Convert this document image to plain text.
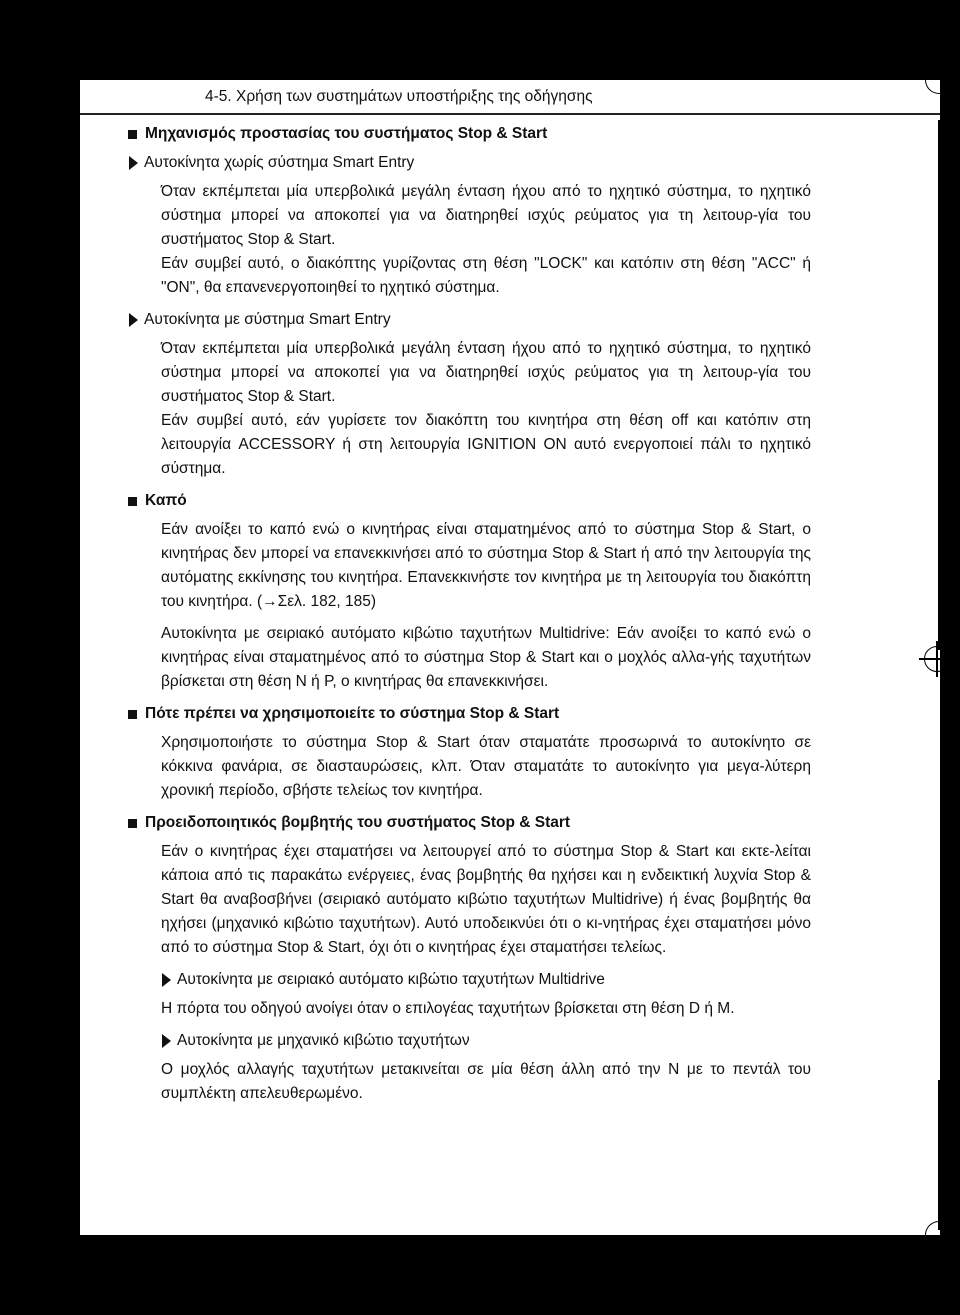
4-5. Χρήση των συστημάτων υποστήριξης της οδήγησης
Μηχανισμός προστασίας του συστήματος Stop & Start
Αυτοκίνητα χωρίς σύστημα Smart Entry

Όταν εκπέμπεται μία υπερβολικά μεγάλη ένταση ήχου από το ηχητικό σύστημα, το ηχητικό σύστημα μπορεί να αποκοπεί για να διατηρηθεί ισχύς ρεύματος για τη λειτουρ-γία του συστήματος Stop & Start.

Εάν συμβεί αυτό, ο διακόπτης γυρίζοντας στη θέση "LOCK" και κατόπιν στη θέση "ACC" ή "ON", θα επανενεργοποιηθεί το ηχητικό σύστημα.

Αυτοκίνητα με σύστημα Smart Entry

Όταν εκπέμπεται μία υπερβολικά μεγάλη ένταση ήχου από το ηχητικό σύστημα, το ηχητικό σύστημα μπορεί να αποκοπεί για να διατηρηθεί ισχύς ρεύματος για τη λειτουρ-γία του συστήματος Stop & Start.

Εάν συμβεί αυτό, εάν γυρίσετε τον διακόπτη του κινητήρα στη θέση off και κατόπιν στη λειτουργία ACCESSORY ή στη λειτουργία IGNITION ON αυτό ενεργοποιεί πάλι το ηχητικό σύστημα.

Καπό

Εάν ανοίξει το καπό ενώ ο κινητήρας είναι σταματημένος από το σύστημα Stop & Start, ο κινητήρας δεν μπορεί να επανεκκινήσει από το σύστημα Stop & Start ή από την λειτουργία της αυτόματης εκκίνησης του κινητήρα. Επανεκκινήστε τον κινητήρα με τη λειτουργία του διακόπτη του κινητήρα. (→Σελ. 182, 185)

Αυτοκίνητα με σειριακό αυτόματο κιβώτιο ταχυτήτων Multidrive: Εάν ανοίξει το καπό ενώ ο κινητήρας είναι σταματημένος από το σύστημα Stop & Start και ο μοχλός αλλα-γής ταχυτήτων βρίσκεται στη θέση N ή P, ο κινητήρας θα επανεκκινήσει.

Πότε πρέπει να χρησιμοποιείτε το σύστημα Stop & Start

Χρησιμοποιήστε το σύστημα Stop & Start όταν σταματάτε προσωρινά το αυτοκίνητο σε κόκκινα φανάρια, σε διασταυρώσεις, κλπ. Όταν σταματάτε το αυτοκίνητο για μεγα-λύτερη χρονική περίοδο, σβήστε τελείως τον κινητήρα.

Προειδοποιητικός βομβητής του συστήματος Stop & Start

Εάν ο κινητήρας έχει σταματήσει να λειτουργεί από το σύστημα Stop & Start και εκτε-λείται κάποια από τις παρακάτω ενέργειες, ένας βομβητής θα ηχήσει και η ενδεικτική λυχνία Stop & Start θα αναβοσβήνει (σειριακό αυτόματο κιβώτιο ταχυτήτων Multidrive) ή ένας βομβητής θα ηχήσει (μηχανικό κιβώτιο ταχυτήτων). Αυτό υποδεικνύει ότι ο κι-νητήρας έχει σταματήσει μόνο από το σύστημα Stop & Start, όχι ότι ο κινητήρας έχει σταματήσει τελείως.

Αυτοκίνητα με σειριακό αυτόματο κιβώτιο ταχυτήτων Multidrive

Η πόρτα του οδηγού ανοίγει όταν ο επιλογέας ταχυτήτων βρίσκεται στη θέση D ή M.

Αυτοκίνητα με μηχανικό κιβώτιο ταχυτήτων

Ο μοχλός αλλαγής ταχυτήτων μετακινείται σε μία θέση άλλη από την N με το πεντάλ του συμπλέκτη απελευθερωμένο.
